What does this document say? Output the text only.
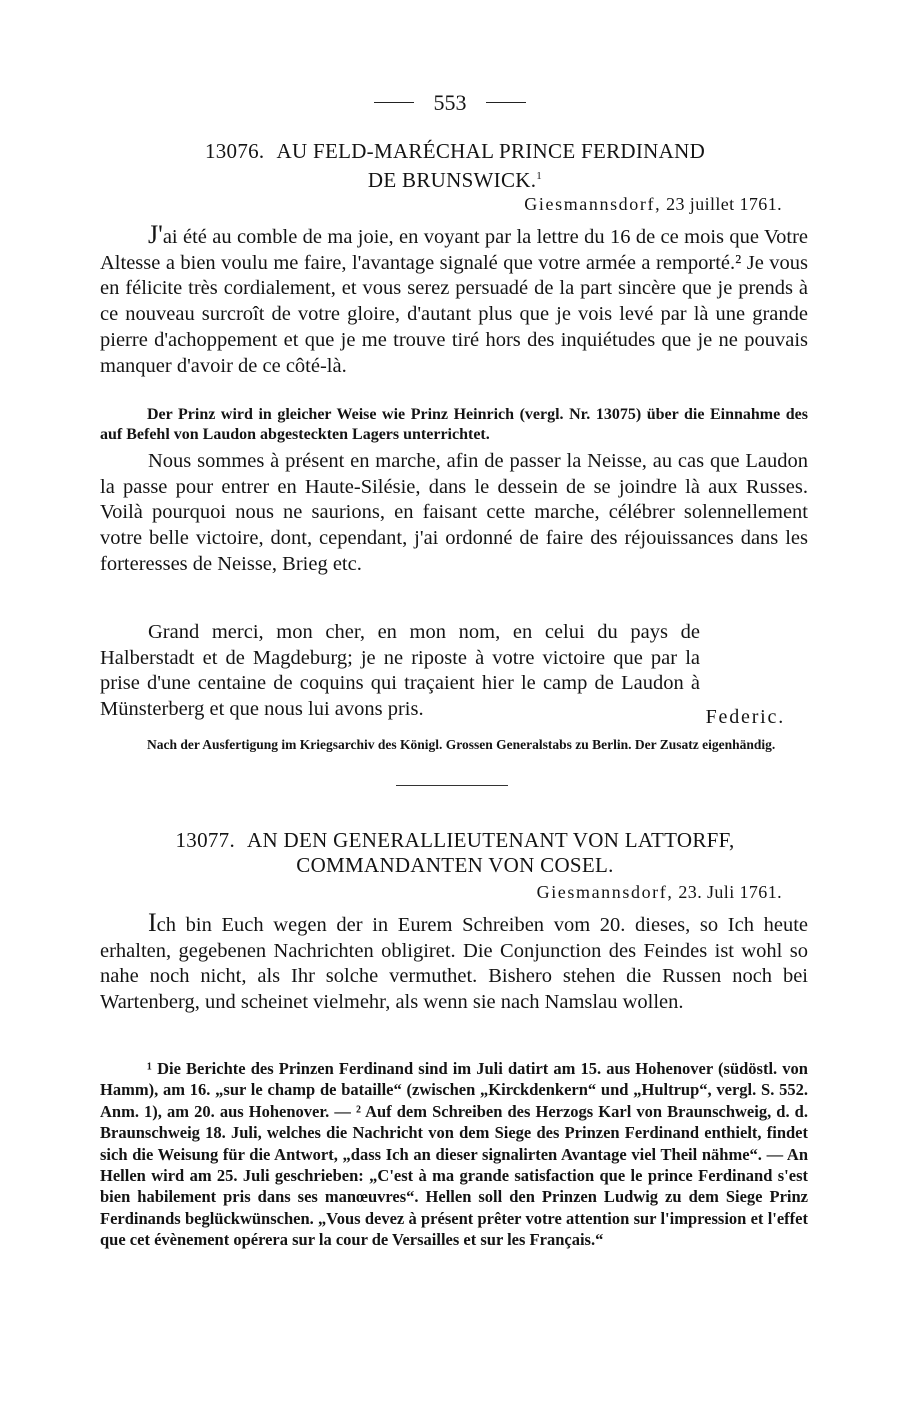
553
13076. AU FELD-MARÉCHAL PRINCE FERDINAND
DE BRUNSWICK.$^1$
Giesmannsdorf, 23 juillet 1761.

J'ai été au comble de ma joie, en voyant par la lettre du 16 de ce mois que Votre Altesse a bien voulu me faire, l'avantage signalé que votre armée a remporté.² Je vous en félicite très cordialement, et vous serez persuadé de la part sincère que je prends à ce nouveau surcroît de votre gloire, d'autant plus que je vois levé par là une grande pierre d'achoppement et que je me trouve tiré hors des inquiétudes que je ne pouvais manquer d'avoir de ce côté-là.

Der Prinz wird in gleicher Weise wie Prinz Heinrich (vergl. Nr. 13075) über die Einnahme des auf Befehl von Laudon abgesteckten Lagers unterrichtet.

Nous sommes à présent en marche, afin de passer la Neisse, au cas que Laudon la passe pour entrer en Haute-Silésie, dans le dessein de se joindre là aux Russes. Voilà pourquoi nous ne saurions, en faisant cette marche, célébrer solennellement votre belle victoire, dont, cependant, j'ai ordonné de faire des réjouissances dans les forteresses de Neisse, Brieg etc.

Grand merci, mon cher, en mon nom, en celui du pays de Halberstadt et de Magdeburg; je ne riposte à votre victoire que par la prise d'une centaine de coquins qui traçaient hier le camp de Laudon à Münsterberg et que nous lui avons pris.	Federic.

Nach der Ausfertigung im Kriegsarchiv des Königl. Grossen Generalstabs zu Berlin. Der Zusatz eigenhändig.

13077. AN DEN GENERALLIEUTENANT VON LATTORFF,
COMMANDANTEN VON COSEL.
Giesmannsdorf, 23. Juli 1761.

Ich bin Euch wegen der in Eurem Schreiben vom 20. dieses, so Ich heute erhalten, gegebenen Nachrichten obligiret. Die Conjunction des Feindes ist wohl so nahe noch nicht, als Ihr solche vermuthet. Bishero stehen die Russen noch bei Wartenberg, und scheinet vielmehr, als wenn sie nach Namslau wollen.

¹ Die Berichte des Prinzen Ferdinand sind im Juli datirt am 15. aus Hohenover (südöstl. von Hamm), am 16. „sur le champ de bataille“ (zwischen „Kirckdenkern“ und „Hultrup“, vergl. S. 552. Anm. 1), am 20. aus Hohenover. — ² Auf dem Schreiben des Herzogs Karl von Braunschweig, d. d. Braunschweig 18. Juli, welches die Nachricht von dem Siege des Prinzen Ferdinand enthielt, findet sich die Weisung für die Antwort, „dass Ich an dieser signalirten Avantage viel Theil nähme“. — An Hellen wird am 25. Juli geschrieben: „C'est à ma grande satisfaction que le prince Ferdinand s'est bien habilement pris dans ses manœuvres“. Hellen soll den Prinzen Ludwig zu dem Siege Prinz Ferdinands beglückwünschen. „Vous devez à présent prêter votre attention sur l'impression et l'effet que cet évènement opérera sur la cour de Versailles et sur les Français.“
